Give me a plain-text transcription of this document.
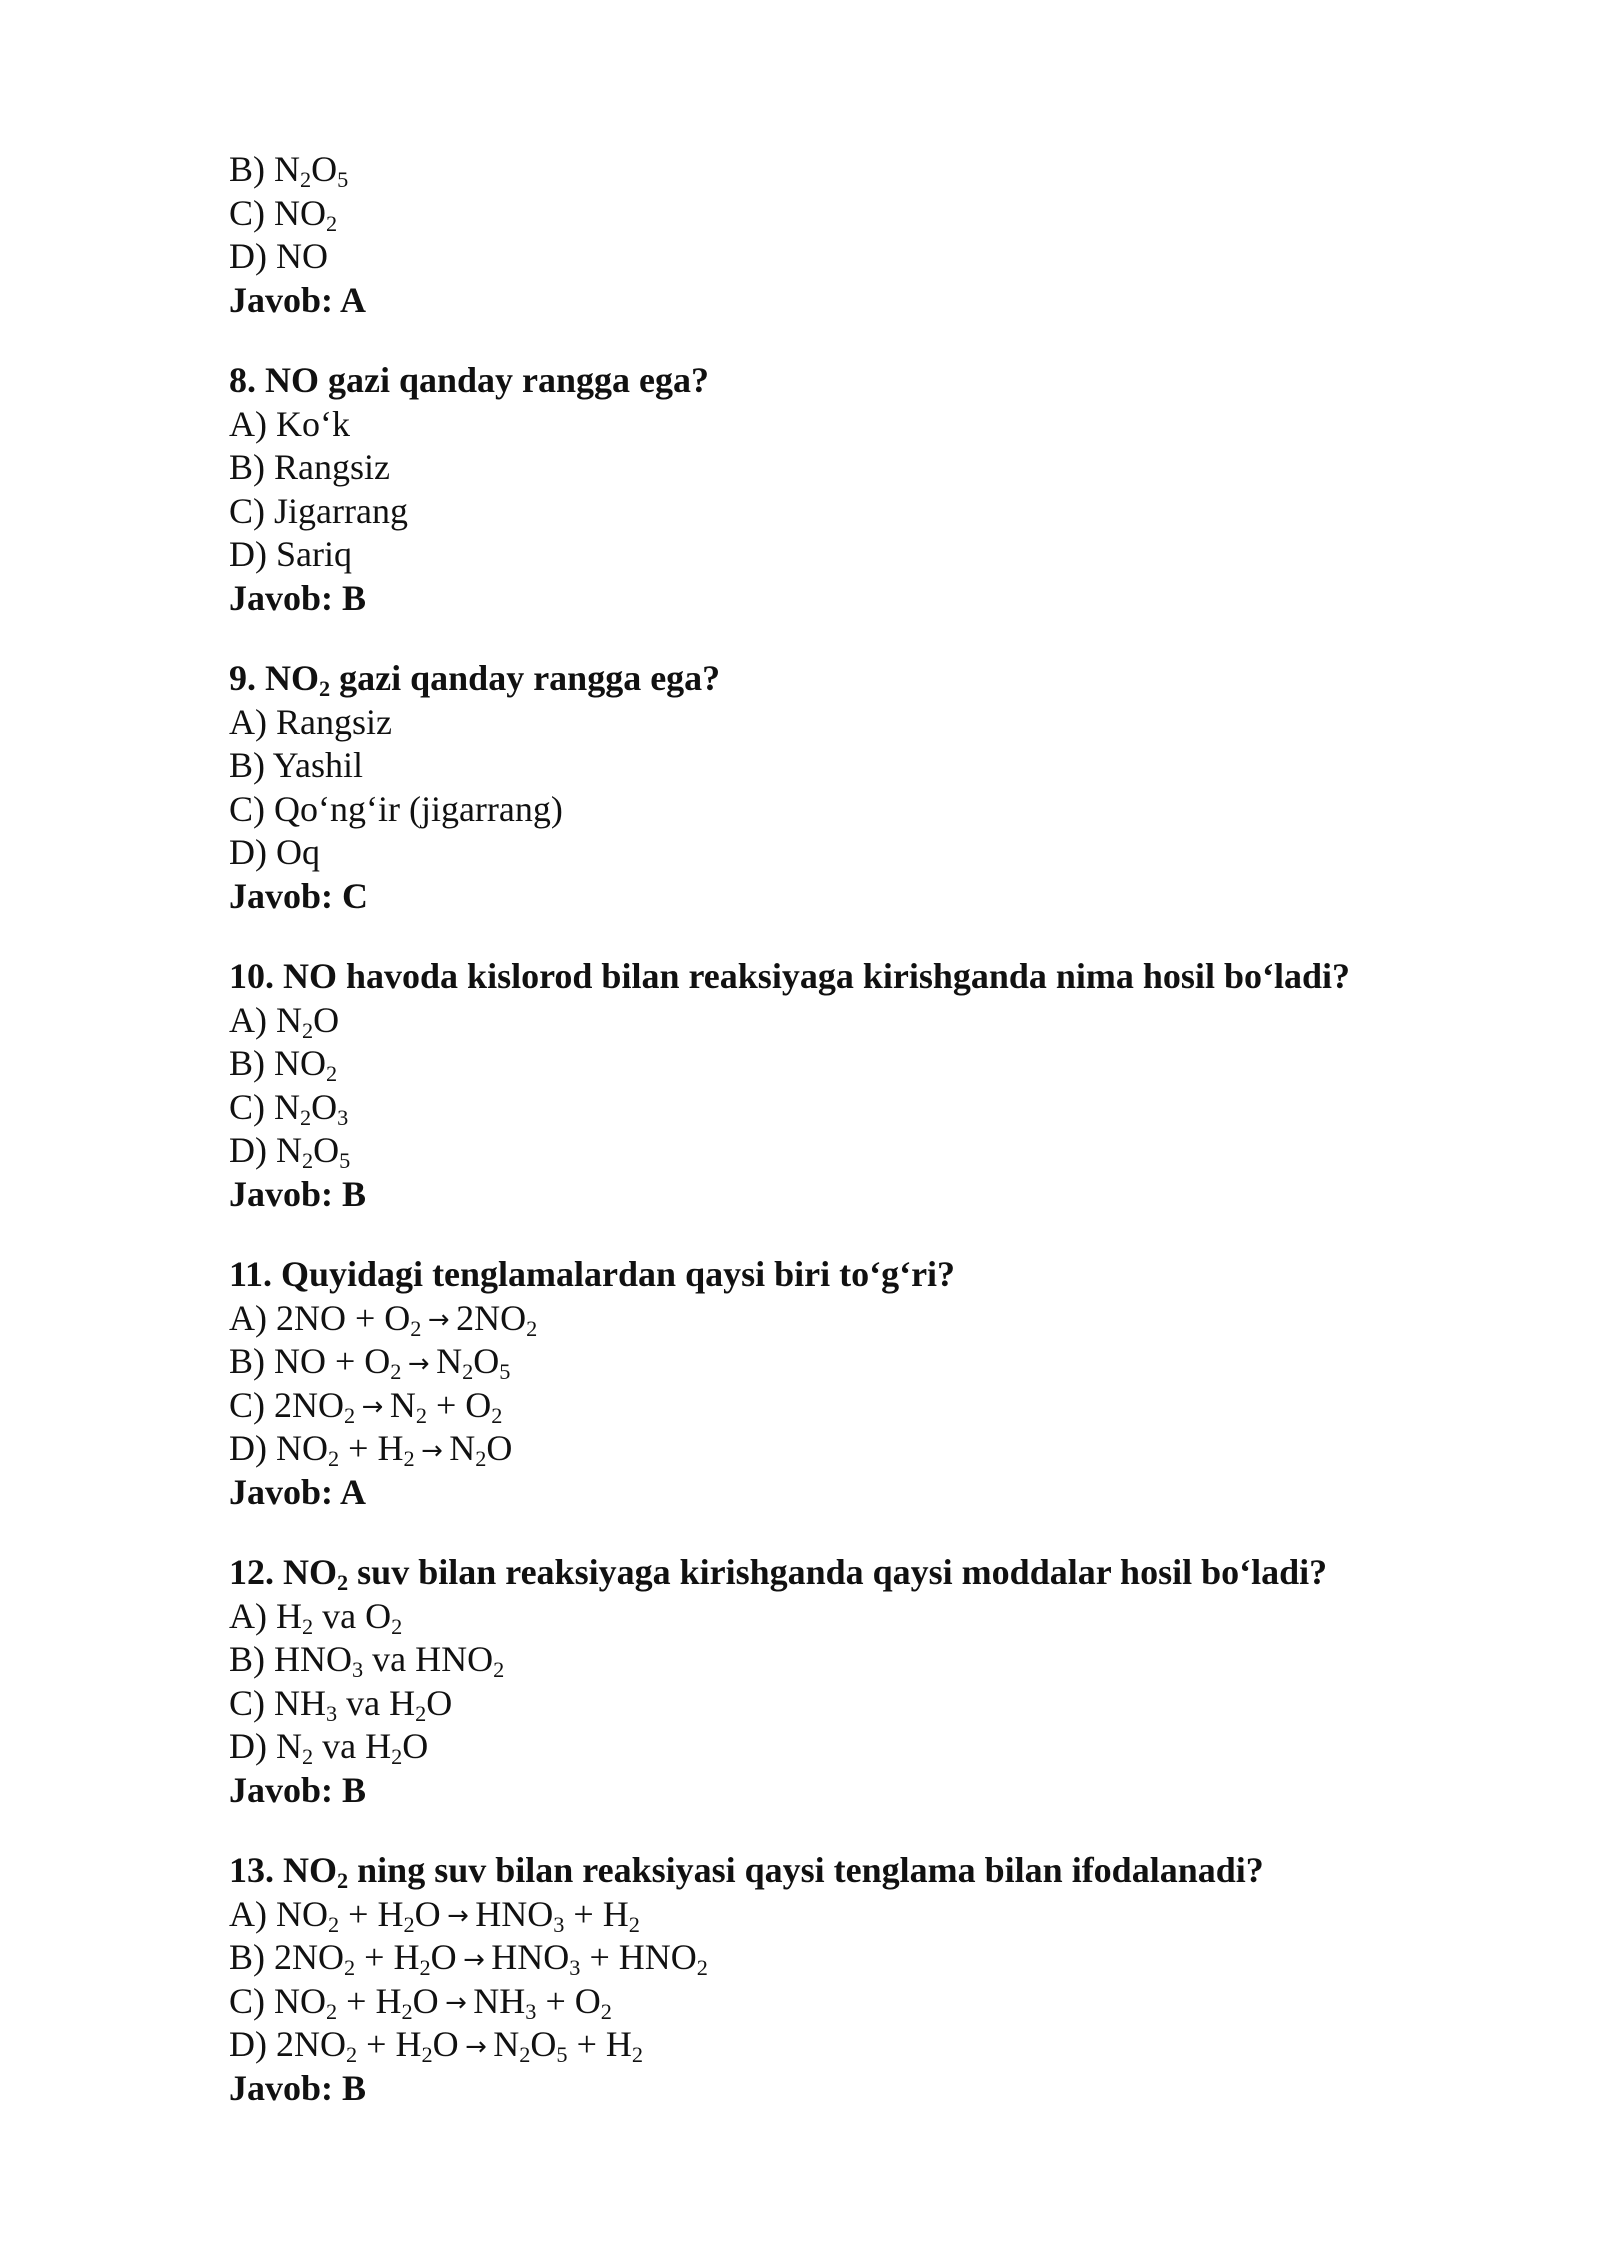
B) $N_2O_5$
C) $NO_2$
D) NO
Javob: A
8. NO gazi qanday rangga ega?
A) Ko‘k
B) Rangsiz
C) Jigarrang
D) Sariq
Javob: B
9. $NO_2$ gazi qanday rangga ega?
A) Rangsiz
B) Yashil
C) Qo‘ng‘ir (jigarrang)
D) Oq
Javob: C
10. NO havoda kislorod bilan reaksiyaga kirishganda nima hosil bo‘ladi?
A) $N_2O$
B) $NO_2$
C) $N_2O_3$
D) $N_2O_5$
Javob: B
11. Quyidagi tenglamalardan qaysi biri to‘g‘ri?
A) $2NO + O_2 \to 2NO_2$
B) NO + $O_2 \to N_2O_5$
C) $2NO_2 \to N_2 + O_2$
D) $NO_2 + H_2 \to N_2O$
Javob: A
12. $NO_2$ suv bilan reaksiyaga kirishganda qaysi moddalar hosil bo‘ladi?
A) $H_2$ va $O_2$
B) $HNO_3$ va $HNO_2$
C) $NH_3$ va $H_2O$
D) $N_2$ va $H_2O$
Javob: B
13. $NO_2$ ning suv bilan reaksiyasi qaysi tenglama bilan ifodalanadi?
A) $NO_2 + H_2O \to HNO_3 + H_2$
B) $2NO_2 + H_2O \to HNO_3 + HNO_2$
C) $NO_2 + H_2O \to NH_3 + O_2$
D) $2NO_2 + H_2O \to N_2O_5 + H_2$
Javob: B
